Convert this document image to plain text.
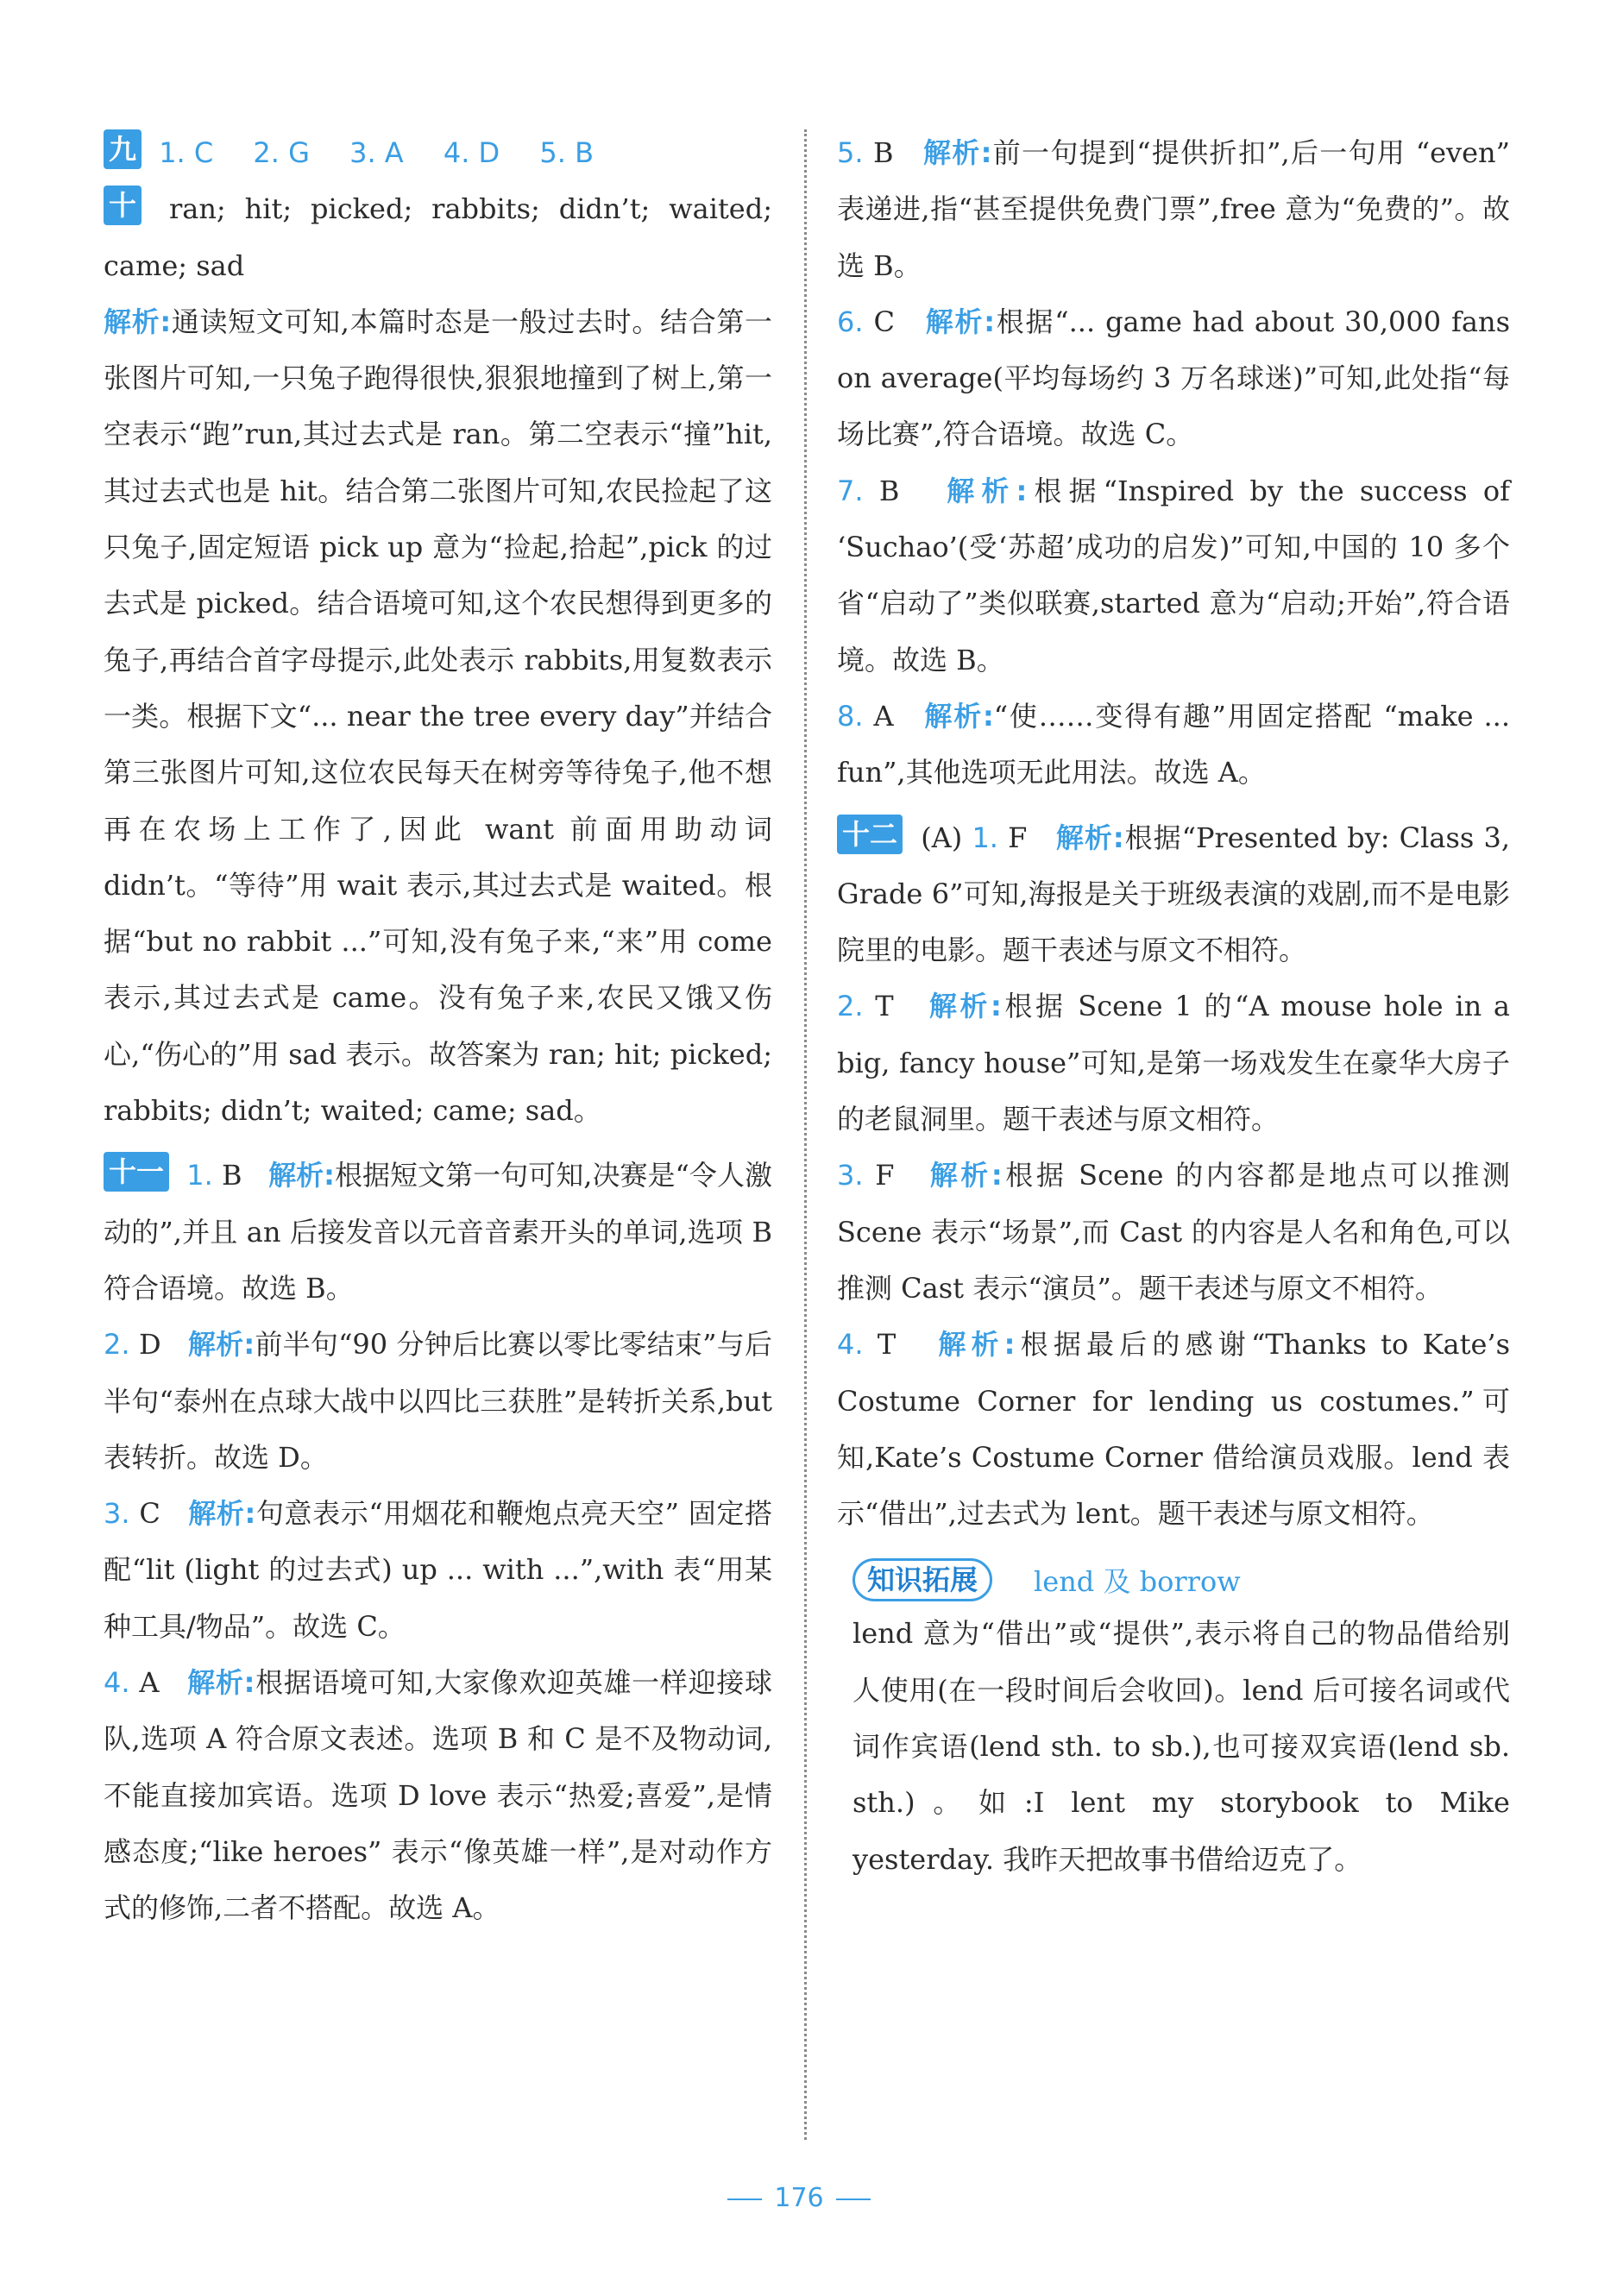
九 1. C 2. G 3. A 4. D 5. B
十 ran; hit; picked; rabbits; didn’t; waited; came; sad
解析:通读短文可知,本篇时态是一般过去时。结合第一张图片可知,一只兔子跑得很快,狠狠地撞到了树上,第一空表示“跑”run,其过去式是 ran。第二空表示“撞”hit,其过去式也是 hit。结合第二张图片可知,农民捡起了这只兔子,固定短语 pick up 意为“捡起,拾起”,pick 的过去式是 picked。结合语境可知,这个农民想得到更多的兔子,再结合首字母提示,此处表示 rabbits,用复数表示一类。根据下文“... near the tree every day”并结合第三张图片可知,这位农民每天在树旁等待兔子,他不想再在农场上工作了,因此 want 前面用助动词 didn’t。“等待”用 wait 表示,其过去式是 waited。根据“but no rabbit ...”可知,没有兔子来,“来”用 come 表示,其过去式是 came。没有兔子来,农民又饿又伤心,“伤心的”用 sad 表示。故答案为 ran; hit; picked; rabbits; didn’t; waited; came; sad。
十一 1. B 解析:根据短文第一句可知,决赛是“令人激动的”,并且 an 后接发音以元音音素开头的单词,选项 B 符合语境。故选 B。
2. D 解析:前半句“90 分钟后比赛以零比零结束”与后半句“泰州在点球大战中以四比三获胜”是转折关系,but 表转折。故选 D。
3. C 解析:句意表示“用烟花和鞭炮点亮天空” 固定搭配“lit (light 的过去式) up ... with ...”,with 表“用某种工具/物品”。故选 C。
4. A 解析:根据语境可知,大家像欢迎英雄一样迎接球队,选项 A 符合原文表述。选项 B 和 C 是不及物动词,不能直接加宾语。选项 D love 表示“热爱;喜爱”,是情感态度;“like heroes” 表示“像英雄一样”,是对动作方式的修饰,二者不搭配。故选 A。
5. B 解析:前一句提到“提供折扣”,后一句用 “even” 表递进,指“甚至提供免费门票”,free 意为“免费的”。故选 B。
6. C 解析:根据“... game had about 30,000 fans on average(平均每场约 3 万名球迷)”可知,此处指“每场比赛”,符合语境。故选 C。
7. B 解析:根据“Inspired by the success of ‘Suchao’(受‘苏超’成功的启发)”可知,中国的 10 多个省“启动了”类似联赛,started 意为“启动;开始”,符合语境。故选 B。
8. A 解析:“使……变得有趣”用固定搭配 “make ... fun”,其他选项无此用法。故选 A。
十二 (A) 1. F 解析:根据“Presented by: Class 3, Grade 6”可知,海报是关于班级表演的戏剧,而不是电影院里的电影。题干表述与原文不相符。
2. T 解析:根据 Scene 1 的“A mouse hole in a big, fancy house”可知,是第一场戏发生在豪华大房子的老鼠洞里。题干表述与原文相符。
3. F 解析:根据 Scene 的内容都是地点可以推测 Scene 表示“场景”,而 Cast 的内容是人名和角色,可以推测 Cast 表示“演员”。题干表述与原文不相符。
4. T 解析:根据最后的感谢“Thanks to Kate’s Costume Corner for lending us costumes.”可知,Kate’s Costume Corner 借给演员戏服。lend 表示“借出”,过去式为 lent。题干表述与原文相符。
知识拓展	lend 及 borrow
lend 意为“借出”或“提供”,表示将自己的物品借给别人使用(在一段时间后会收回)。lend 后可接名词或代词作宾语(lend sth. to sb.),也可接双宾语(lend sb. sth.)。如:I lent my storybook to Mike yesterday. 我昨天把故事书借给迈克了。
176
